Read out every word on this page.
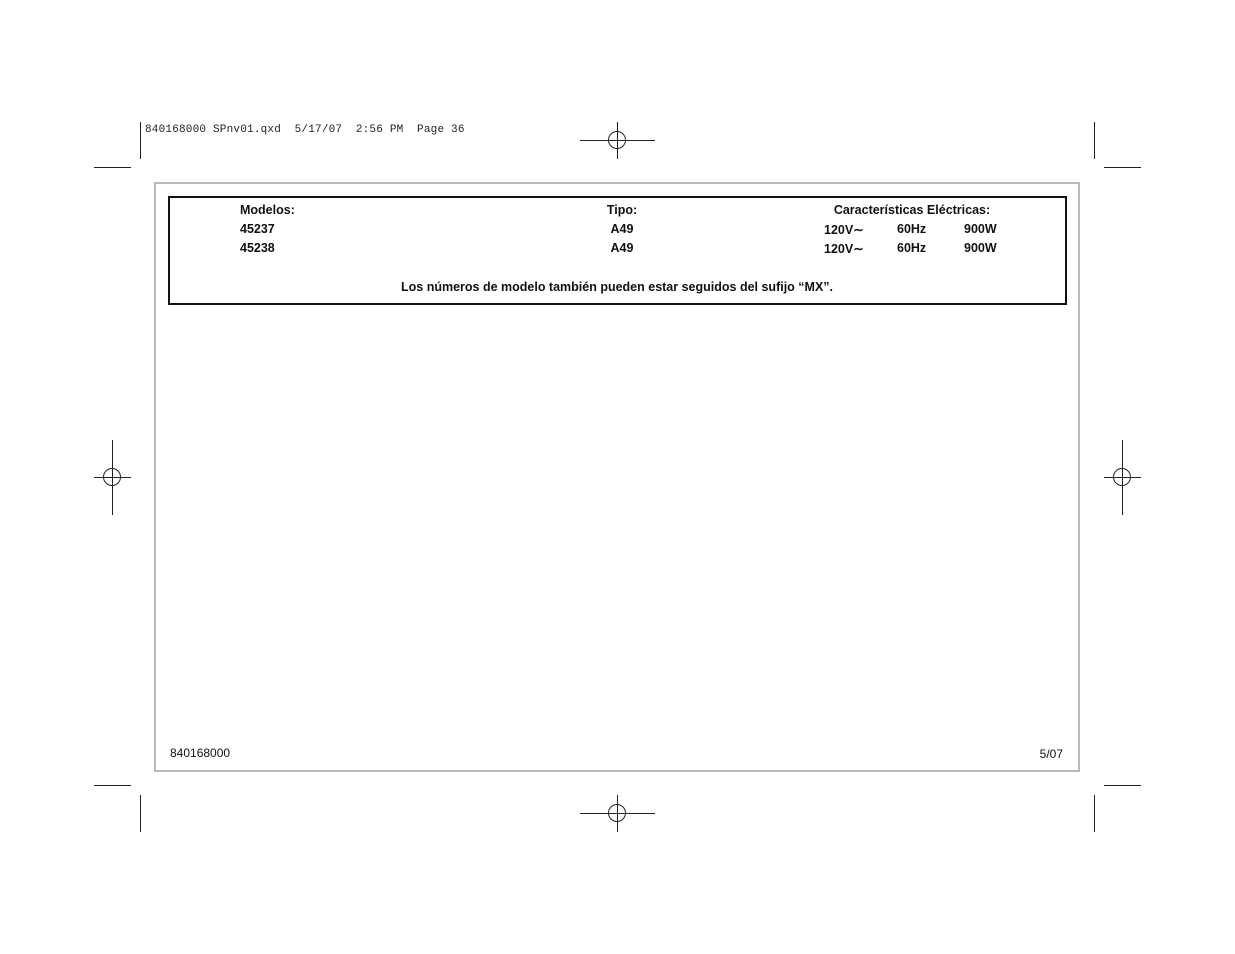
840168000 SPnv01.qxd  5/17/07  2:56 PM  Page 36
Modelos:	Tipo:	Características Eléctricas:
45237	A49	120V∼	60Hz	900W
45238	A49	120V∼	60Hz	900W
Los números de modelo también pueden estar seguidos del sufijo “MX”.
840168000	5/07
